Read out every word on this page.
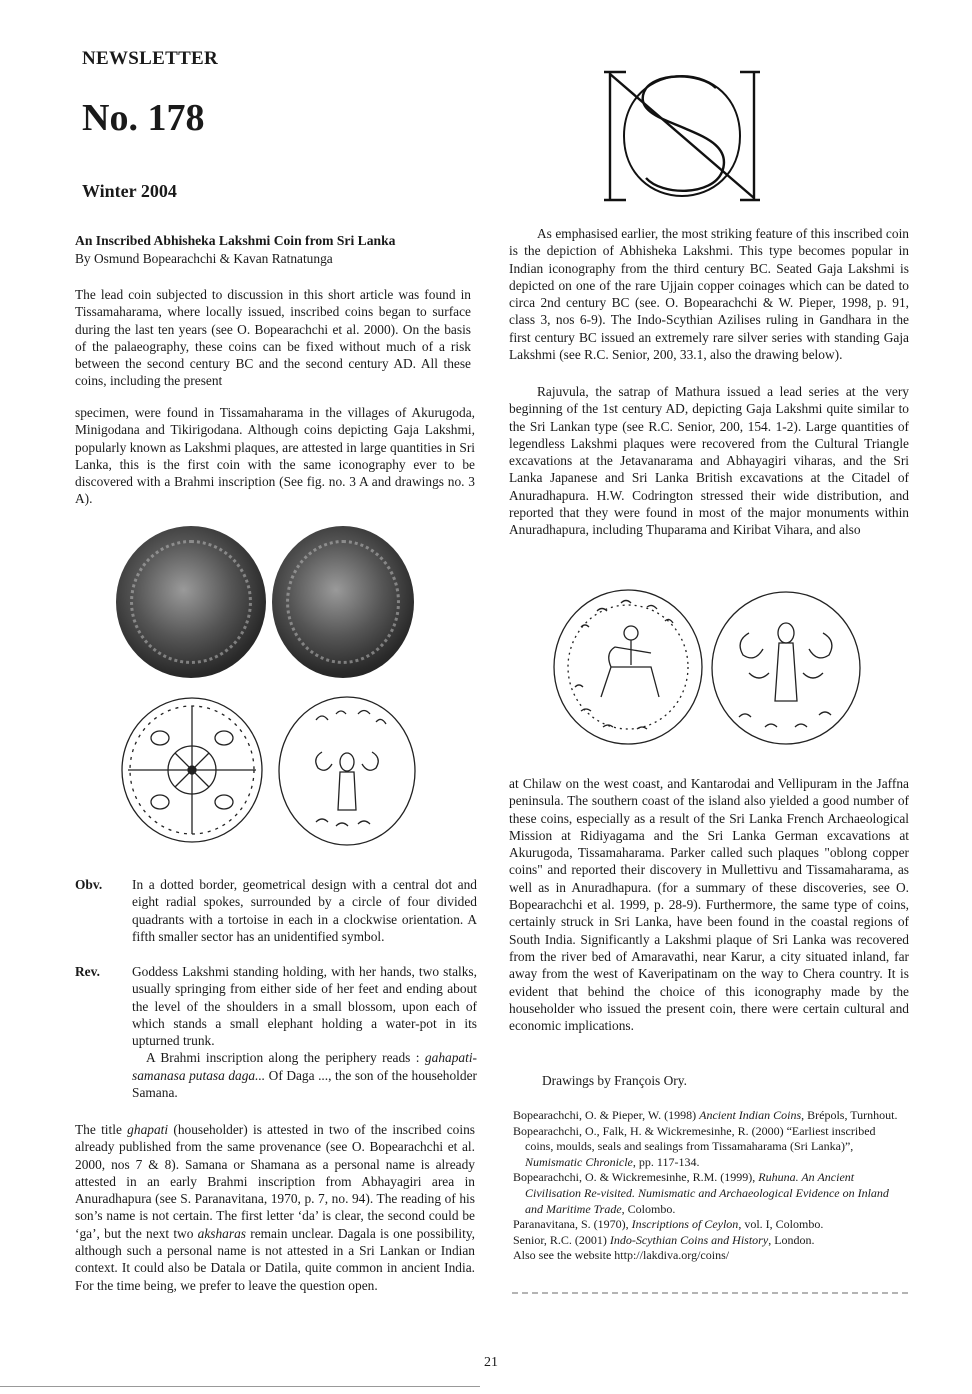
NEWSLETTER
No. 178
Winter 2004
An Inscribed Abhisheka Lakshmi Coin from Sri Lanka
By Osmund Bopearachchi & Kavan Ratnatunga
The lead coin subjected to discussion in this short article was found in Tissamaharama, where locally issued, inscribed coins began to surface during the last ten years (see O. Bopearachchi et al. 2000). On the basis of the palaeography, these coins can be fixed without much of a risk between the second century BC and the second century AD. All these coins, including the present
specimen, were found in Tissamaharama in the villages of Akurugoda, Minigodana and Tikirigodana. Although coins depicting Gaja Lakshmi, popularly known as Lakshmi plaques, are attested in large quantities in Sri Lanka, this is the first coin with the same iconography ever to be discovered with a Brahmi inscription (See fig. no. 3 A and drawings no. 3 A).
Obv. In a dotted border, geometrical design with a central dot and eight radial spokes, surrounded by a circle of four divided quadrants with a tortoise in each in a clockwise orientation. A fifth smaller sector has an unidentified symbol.
Rev. Goddess Lakshmi standing holding, with her hands, two stalks, usually springing from either side of her feet and ending about the level of the shoulders in a small blossom, upon each of which stands a small elephant holding a water-pot in its upturned trunk.
A Brahmi inscription along the periphery reads : gahapati-samanasa putasa daga... Of Daga ..., the son of the householder Samana.
The title ghapati (householder) is attested in two of the inscribed coins already published from the same provenance (see O. Bopearachchi et al. 2000, nos 7 & 8). Samana or Shamana as a personal name is already attested in an early Brahmi inscription from Abhayagiri area in Anuradhapura (see S. Paranavitana, 1970, p. 7, no. 94). The reading of his son’s name is not certain. The first letter ‘da’ is clear, the second could be ‘ga’, but the next two aksharas remain unclear. Dagala is one possibility, although such a personal name is not attested in a Sri Lankan or Indian context. It could also be Datala or Datila, quite common in ancient India. For the time being, we prefer to leave the question open.
As emphasised earlier, the most striking feature of this inscribed coin is the depiction of Abhisheka Lakshmi. This type becomes popular in Indian iconography from the third century BC. Seated Gaja Lakshmi is depicted on one of the rare Ujjain copper coinages which can be dated to circa 2nd century BC (see. O. Bopearachchi & W. Pieper, 1998, p. 91, class 3, nos 6-9). The Indo-Scythian Azilises ruling in Gandhara in the first century BC issued an extremely rare silver series with standing Gaja Lakshmi (see R.C. Senior, 200, 33.1, also the drawing below).
Rajuvula, the satrap of Mathura issued a lead series at the very beginning of the 1st century AD, depicting Gaja Lakshmi quite similar to the Sri Lankan type (see R.C. Senior, 200, 154. 1-2). Large quantities of legendless Lakshmi plaques were recovered from the Cultural Triangle excavations at the Jetavanarama and Abhayagiri viharas, and the Sri Lanka Japanese and Sri Lanka British excavations at the Citadel of Anuradhapura. H.W. Codrington stressed their wide distribution, and reported that they were found in most of the major monuments within Anuradhapura, including Thuparama and Kiribat Vihara, and also
at Chilaw on the west coast, and Kantarodai and Vellipuram in the Jaffna peninsula. The southern coast of the island also yielded a good number of these coins, especially as a result of the Sri Lanka French Archaeological Mission at Ridiyagama and the Sri Lanka German excavations at Akurugoda, Tissamaharama. Parker called such plaques "oblong copper coins" and reported their discovery in Mullettivu and Tissamaharama, as well as in Anuradhapura. (for a summary of these discoveries, see O. Bopearachchi et al. 1999, p. 28-9). Furthermore, the same type of coins, certainly struck in Sri Lanka, have been found in the coastal regions of South India. Significantly a Lakshmi plaque of Sri Lanka was recovered from the river bed of Amaravathi, near Karur, a city situated inland, far away from the west of Kaveripatinam on the way to Chera country. It is evident that behind the choice of this iconography made by the householder who issued the present coin, there were certain cultural and economic implications.
Drawings by François Ory.
Bopearachchi, O. & Pieper, W. (1998) Ancient Indian Coins, Brépols, Turnhout.
Bopearachchi, O., Falk, H. & Wickremesinhe, R. (2000) “Earliest inscribed coins, moulds, seals and sealings from Tissamaharama (Sri Lanka)”, Numismatic Chronicle, pp. 117-134.
Bopearachchi, O. & Wickremesinhe, R.M. (1999), Ruhuna. An Ancient Civilisation Re-visited. Numismatic and Archaeological Evidence on Inland and Maritime Trade, Colombo.
Paranavitana, S. (1970), Inscriptions of Ceylon, vol. I, Colombo.
Senior, R.C. (2001) Indo-Scythian Coins and History, London.
Also see the website http://lakdiva.org/coins/
21
